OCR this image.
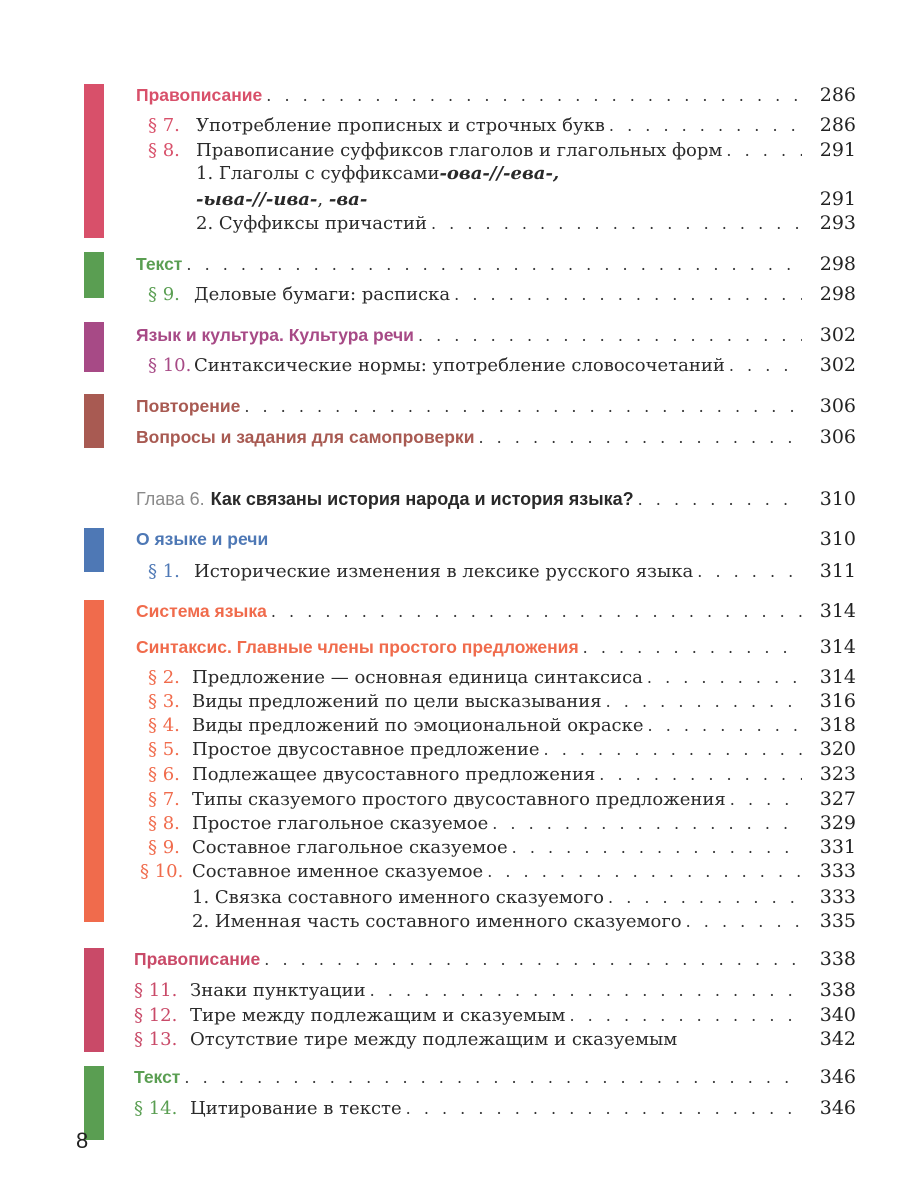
Правописание . . .	286
§ 7. Употребление прописных и строчных букв . . .	286
§ 8. Правописание суффиксов глаголов и глагольных форм . . .	291
1. Глаголы с суффиксами -ова-//-ева-,
-ыва-//-ива- , -ва-	291
2. Суффиксы причастий . . .	293
Текст . . .	298
§ 9. Деловые бумаги: расписка . . .	298
Язык и культура. Культура речи . . .	302
§ 10. Синтаксические нормы: употребление словосочетаний . . .	302
Повторение . . .	306
Вопросы и задания для самопроверки . . .	306
Глава 6. Как связаны история народа и история языка? . . .	310
О языке и речи	310
§ 1. Исторические изменения в лексике русского языка . . .	311
Система языка . . .	314
Синтаксис. Главные члены простого предложения . . .	314
§ 2. Предложение — основная единица синтаксиса . . .	314
§ 3. Виды предложений по цели высказывания . . .	316
§ 4. Виды предложений по эмоциональной окраске . . .	318
§ 5. Простое двусоставное предложение . . .	320
§ 6. Подлежащее двусоставного предложения . . .	323
§ 7. Типы сказуемого простого двусоставного предложения . . .	327
§ 8. Простое глагольное сказуемое . . .	329
§ 9. Составное глагольное сказуемое . . .	331
§ 10. Составное именное сказуемое . . .	333
1. Связка составного именного сказуемого . . .	333
2. Именная часть составного именного сказуемого . . .	335
Правописание . . .	338
§ 11. Знаки пунктуации . . .	338
§ 12. Тире между подлежащим и сказуемым . . .	340
§ 13. Отсутствие тире между подлежащим и сказуемым	342
Текст . . .	346
§ 14. Цитирование в тексте . . .	346
8
